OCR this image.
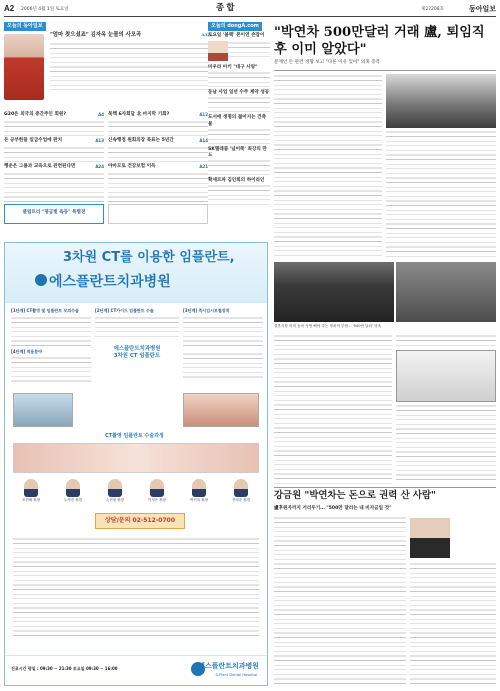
A2 2006년 4월 1일 토요일	종합	제27208호	동아일보
오늘의 동아일보
"엄마 찾으셨죠" 김자옥 눈물의 사모곡	A32
G20은 외국의 중간주인 회원?	A4 북핵 6자회담 北 마지막 기회?	A12
돈 공부한들 일급수업에 판치	A13 신속행정 원회의장 목표는 5년간	A14
행운은 그룹과 교육으로 관련된다면	A24 야마모토 건강보험 이득	A21
클럽트리 "명금빛 육동" 특별전
오늘의 dongA.com
토요일 '블랙' 폰이연 손잡이
미우라 아키 "대구 사랑"
동남 사업 일년 수주 계약 성공
도서에 생명의 젊어지는 건축물
SK텔레콤 '넘어쪽' 최강의 만드
확세르파 김인희의 하이라인
3차원 CT를 이용한 임플란트,
에스플란트치과병원
[1단계] CT촬영 및 임플란트 모의수술
[4단계] 적용분야
[2단계] CT가이드 임플란트 수술
에스플란트치과병원
3차원 CT 임플란트
[3단계] 즉시임시보철장착
CT활영 임플란트 수술과정
조현배 원장	노영진 원장	손현섭 원장	이정은 원장	박진옥 원장	전영준 원장
상담/문의 02-512-0700
진료시간 평일 : 09:30 ~ 21:30 토요일 09:30 ~ 16:00	에스플란트치과병원
S-Plant Dental Hospital
"박연차 500만달러 거래 盧, 퇴임직후 이미 알았다"
문재인 돈 관련 정황 보고 "다른 이유 있어" 의혹 증폭
결혼식장 어머 동의 사생 해야 하는 정치적 부담… '500만 달러' 당혹
강금원 "박연차는 돈으로 권력 산 사람"
盧후원자까지 거리두기… "500만 달러는 내 비자금일 것"
